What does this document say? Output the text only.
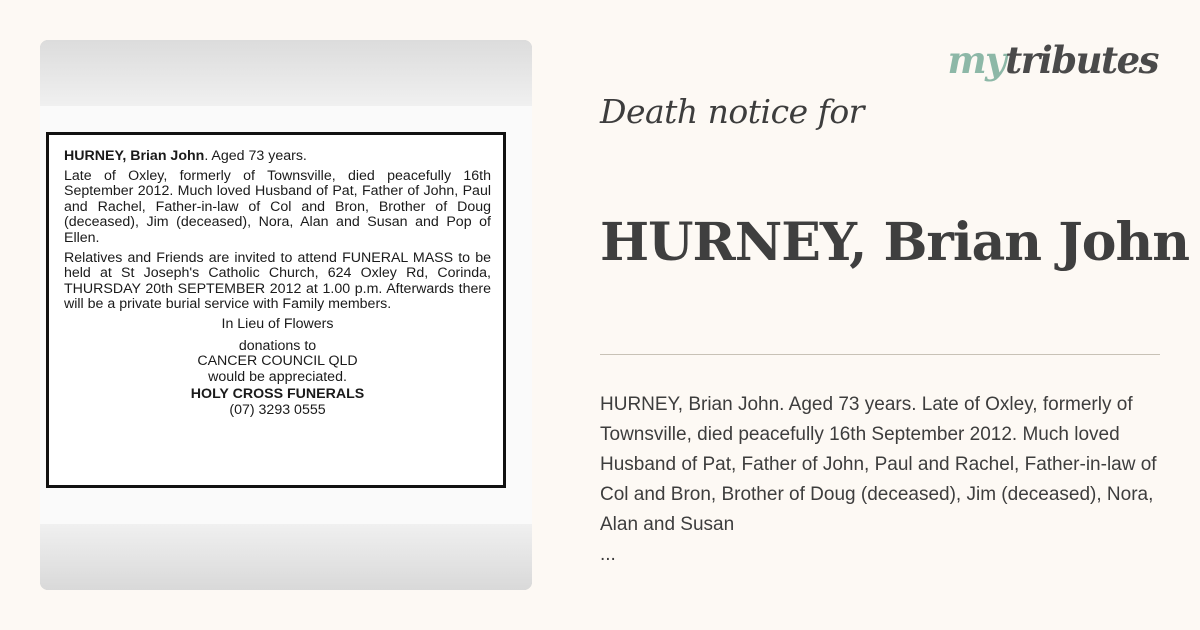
HURNEY, Brian John. Aged 73 years.

Late of Oxley, formerly of Townsville, died peacefully 16th September 2012. Much loved Husband of Pat, Father of John, Paul and Rachel, Father-in-law of Col and Bron, Brother of Doug (deceased), Jim (deceased), Nora, Alan and Susan and Pop of Ellen.

Relatives and Friends are invited to attend FUNERAL MASS to be held at St Joseph's Catholic Church, 624 Oxley Rd, Corinda, THURSDAY 20th SEPTEMBER 2012 at 1.00 p.m. Afterwards there will be a private burial service with Family members.

In Lieu of Flowers

donations to

CANCER COUNCIL QLD

would be appreciated.

HOLY CROSS FUNERALS

(07) 3293 0555

mytributes
Death notice for
HURNEY, Brian John

HURNEY, Brian John. Aged 73 years. Late of Oxley, formerly of Townsville, died peacefully 16th September 2012. Much loved Husband of Pat, Father of John, Paul and Rachel, Father-in-law of Col and Bron, Brother of Doug (deceased), Jim (deceased), Nora, Alan and Susan

...
